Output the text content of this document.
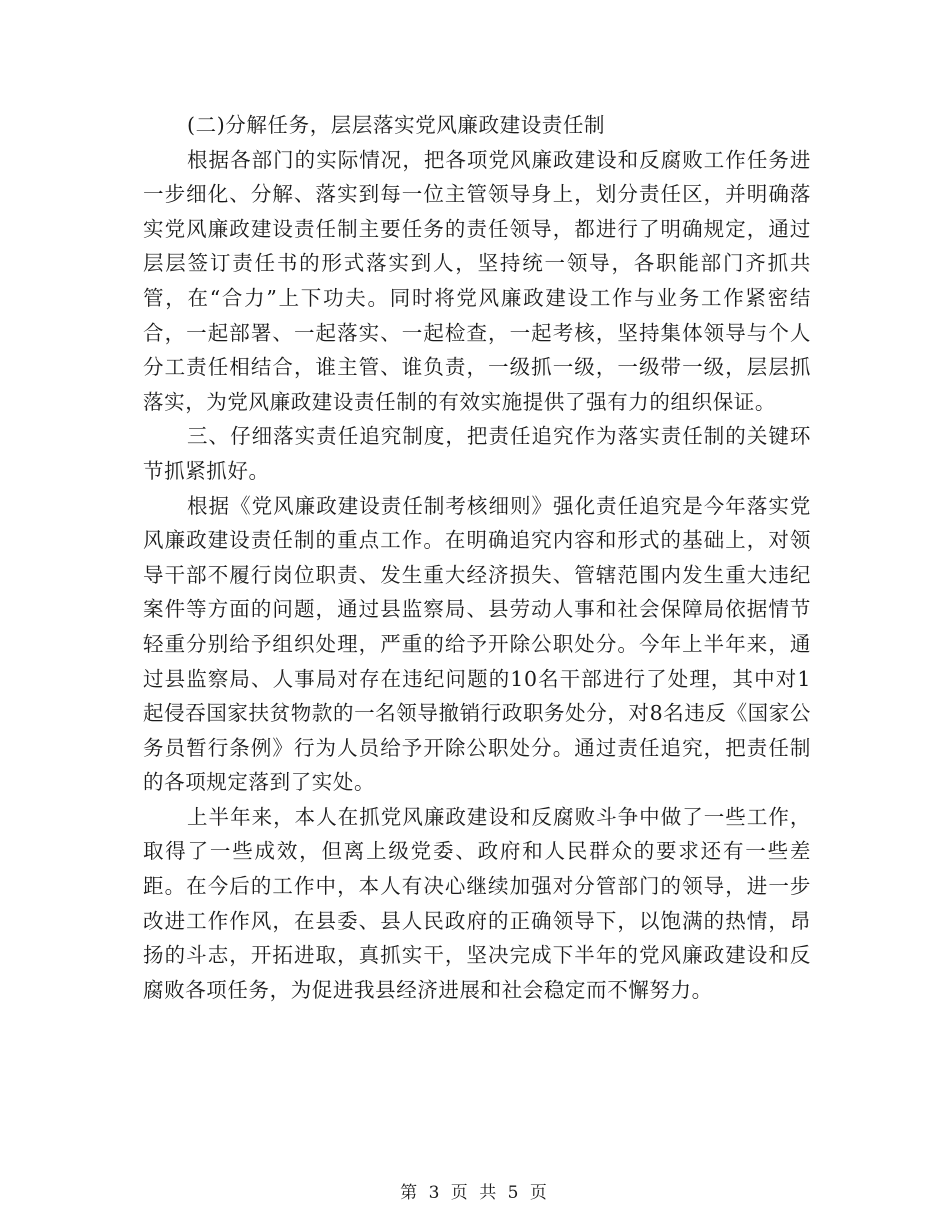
(二)分解任务，层层落实党风廉政建设责任制

根据各部门的实际情况，把各项党风廉政建设和反腐败工作任务进一步细化、分解、落实到每一位主管领导身上，划分责任区，并明确落实党风廉政建设责任制主要任务的责任领导，都进行了明确规定，通过层层签订责任书的形式落实到人，坚持统一领导，各职能部门齐抓共管，在“合力”上下功夫。同时将党风廉政建设工作与业务工作紧密结合，一起部署、一起落实、一起检查，一起考核，坚持集体领导与个人分工责任相结合，谁主管、谁负责，一级抓一级，一级带一级，层层抓落实，为党风廉政建设责任制的有效实施提供了强有力的组织保证。

三、仔细落实责任追究制度，把责任追究作为落实责任制的关键环节抓紧抓好。

根据《党风廉政建设责任制考核细则》强化责任追究是今年落实党风廉政建设责任制的重点工作。在明确追究内容和形式的基础上，对领导干部不履行岗位职责、发生重大经济损失、管辖范围内发生重大违纪案件等方面的问题，通过县监察局、县劳动人事和社会保障局依据情节轻重分别给予组织处理，严重的给予开除公职处分。今年上半年来，通过县监察局、人事局对存在违纪问题的10名干部进行了处理，其中对1起侵吞国家扶贫物款的一名领导撤销行政职务处分，对8名违反《国家公务员暂行条例》行为人员给予开除公职处分。通过责任追究，把责任制的各项规定落到了实处。

上半年来，本人在抓党风廉政建设和反腐败斗争中做了一些工作，取得了一些成效，但离上级党委、政府和人民群众的要求还有一些差距。在今后的工作中，本人有决心继续加强对分管部门的领导，进一步改进工作作风，在县委、县人民政府的正确领导下，以饱满的热情，昂扬的斗志，开拓进取，真抓实干，坚决完成下半年的党风廉政建设和反腐败各项任务，为促进我县经济进展和社会稳定而不懈努力。

第 3 页 共 5 页
